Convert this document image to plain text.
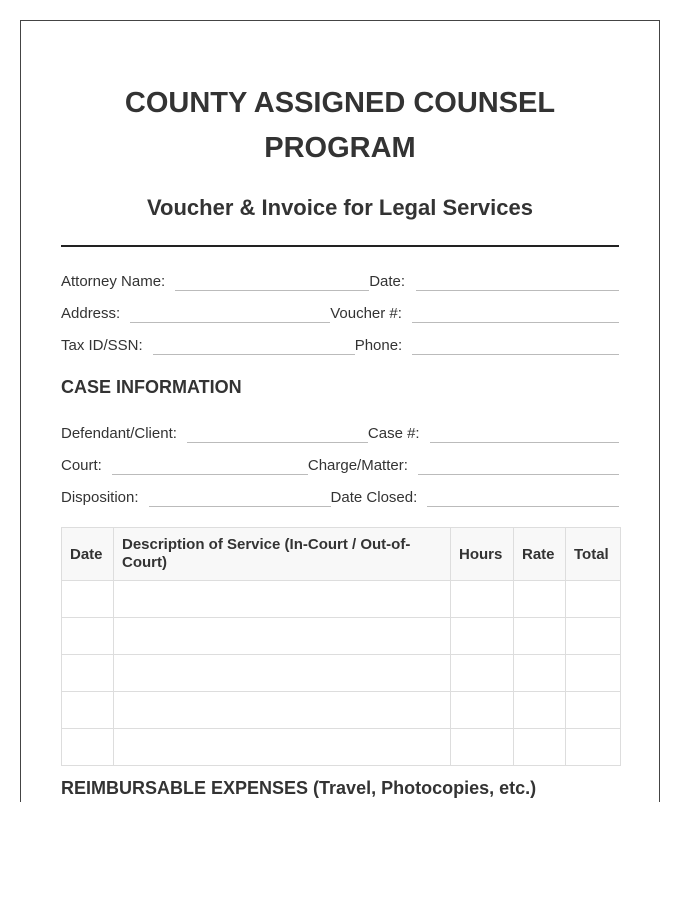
COUNTY ASSIGNED COUNSEL
PROGRAM
Voucher & Invoice for Legal Services
Attorney Name:	Date:
Address:	Voucher #:
Tax ID/SSN:	Phone:
CASE INFORMATION
Defendant/Client:	Case #:
Court:	Charge/Matter:
Disposition:	Date Closed:
Date	Description of Service (In-Court / Out-of-Court)	Hours	Rate	Total

REIMBURSABLE EXPENSES (Travel, Photocopies, etc.)
